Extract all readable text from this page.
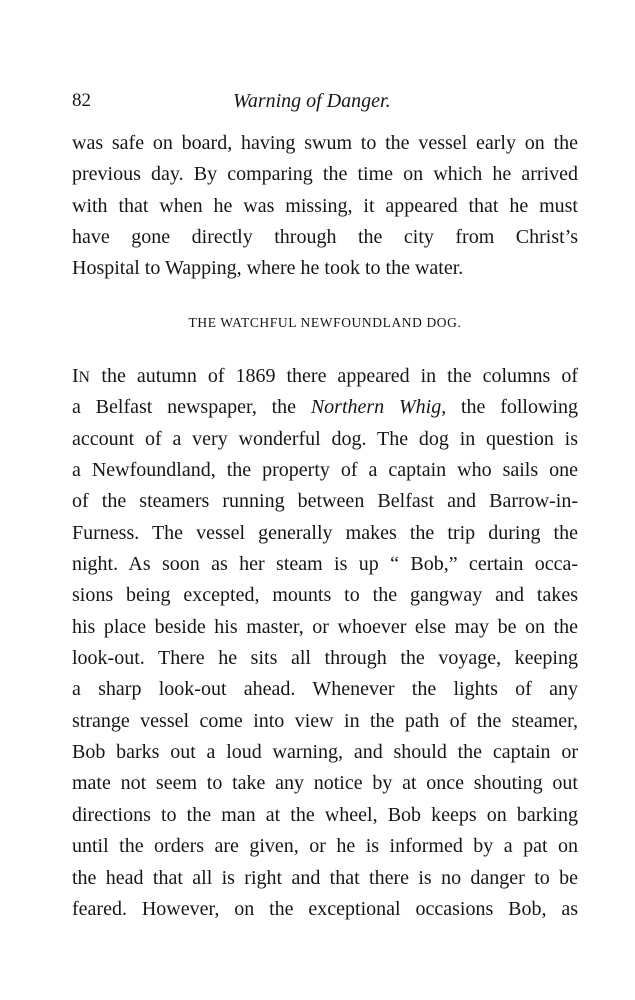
82	Warning of Danger.
was safe on board, having swum to the vessel early on the
previous day. By comparing the time on which he arrived
with that when he was missing, it appeared that he must
have gone directly through the city from Christ’s
Hospital to Wapping, where he took to the water.
THE WATCHFUL NEWFOUNDLAND DOG.
IN the autumn of 1869 there appeared in the columns of
a Belfast newspaper, the Northern Whig, the following
account of a very wonderful dog. The dog in question is
a Newfoundland, the property of a captain who sails one
of the steamers running between Belfast and Barrow-in-
Furness. The vessel generally makes the trip during the
night. As soon as her steam is up “ Bob,” certain occa-
sions being excepted, mounts to the gangway and takes
his place beside his master, or whoever else may be on the
look-out. There he sits all through the voyage, keeping
a sharp look-out ahead. Whenever the lights of any
strange vessel come into view in the path of the steamer,
Bob barks out a loud warning, and should the captain or
mate not seem to take any notice by at once shouting out
directions to the man at the wheel, Bob keeps on barking
until the orders are given, or he is informed by a pat on
the head that all is right and that there is no danger to be
feared. However, on the exceptional occasions Bob, as
